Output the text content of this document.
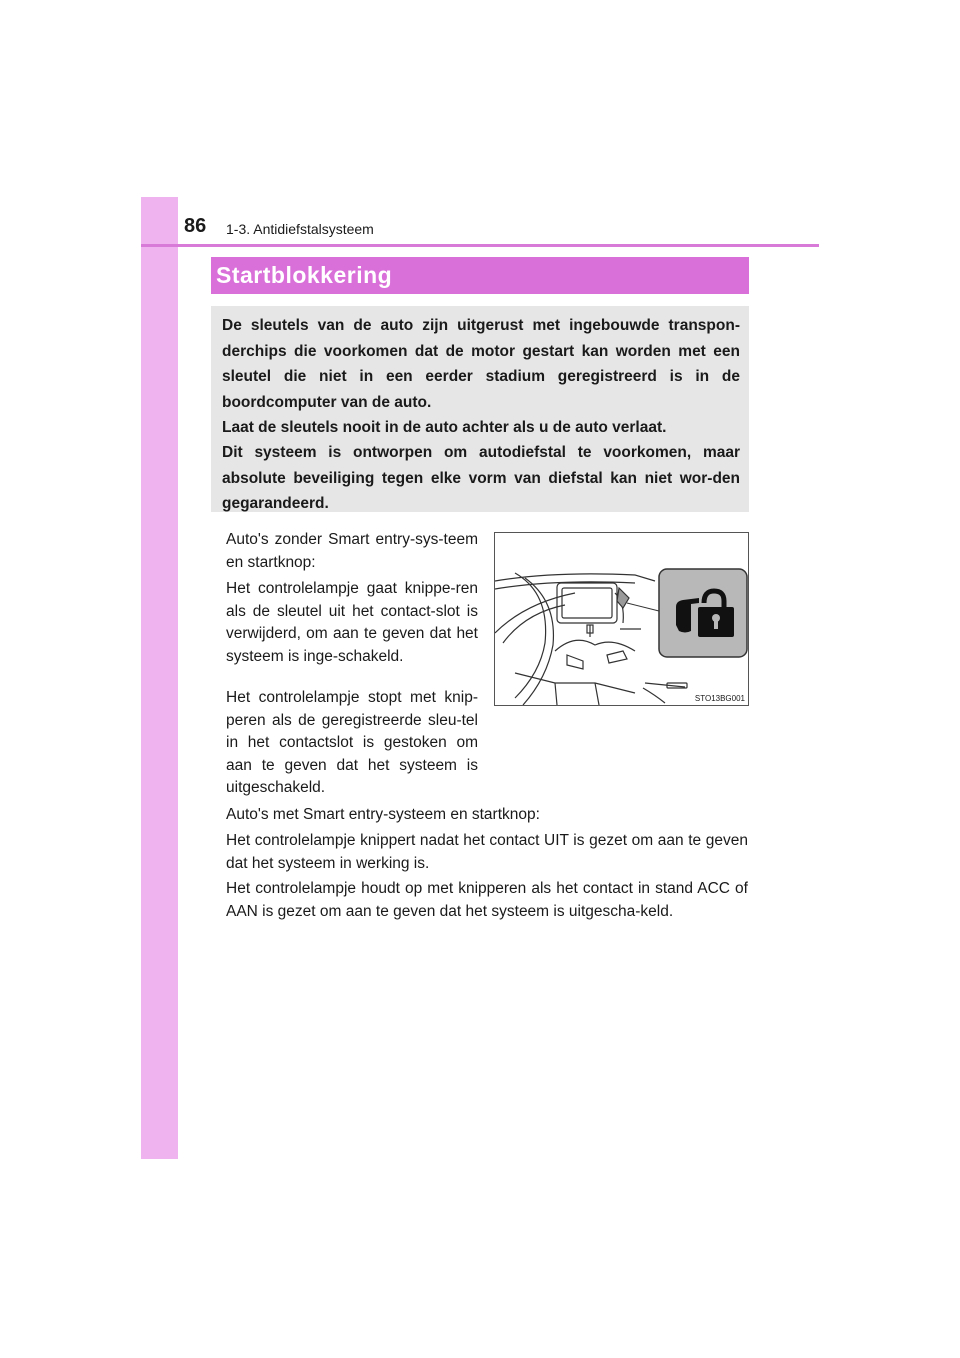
86 1-3. Antidiefstalsysteem
Startblokkering

De sleutels van de auto zijn uitgerust met ingebouwde transpon-derchips die voorkomen dat de motor gestart kan worden met een sleutel die niet in een eerder stadium geregistreerd is in de boordcomputer van de auto.

Laat de sleutels nooit in de auto achter als u de auto verlaat.

Dit systeem is ontworpen om autodiefstal te voorkomen, maar absolute beveiliging tegen elke vorm van diefstal kan niet wor-den gegarandeerd.

Auto's zonder Smart entry-sys-teem en startknop:

Het controlelampje gaat knippe-ren als de sleutel uit het contact-slot is verwijderd, om aan te geven dat het systeem is inge-schakeld.

Het controlelampje stopt met knip-peren als de geregistreerde sleu-tel in het contactslot is gestoken om aan te geven dat het systeem is uitgeschakeld.

Auto's met Smart entry-systeem en startknop:

Het controlelampje knippert nadat het contact UIT is gezet om aan te geven dat het systeem in werking is.

Het controlelampje houdt op met knipperen als het contact in stand ACC of AAN is gezet om aan te geven dat het systeem is uitgescha-keld.

STO13BG001
